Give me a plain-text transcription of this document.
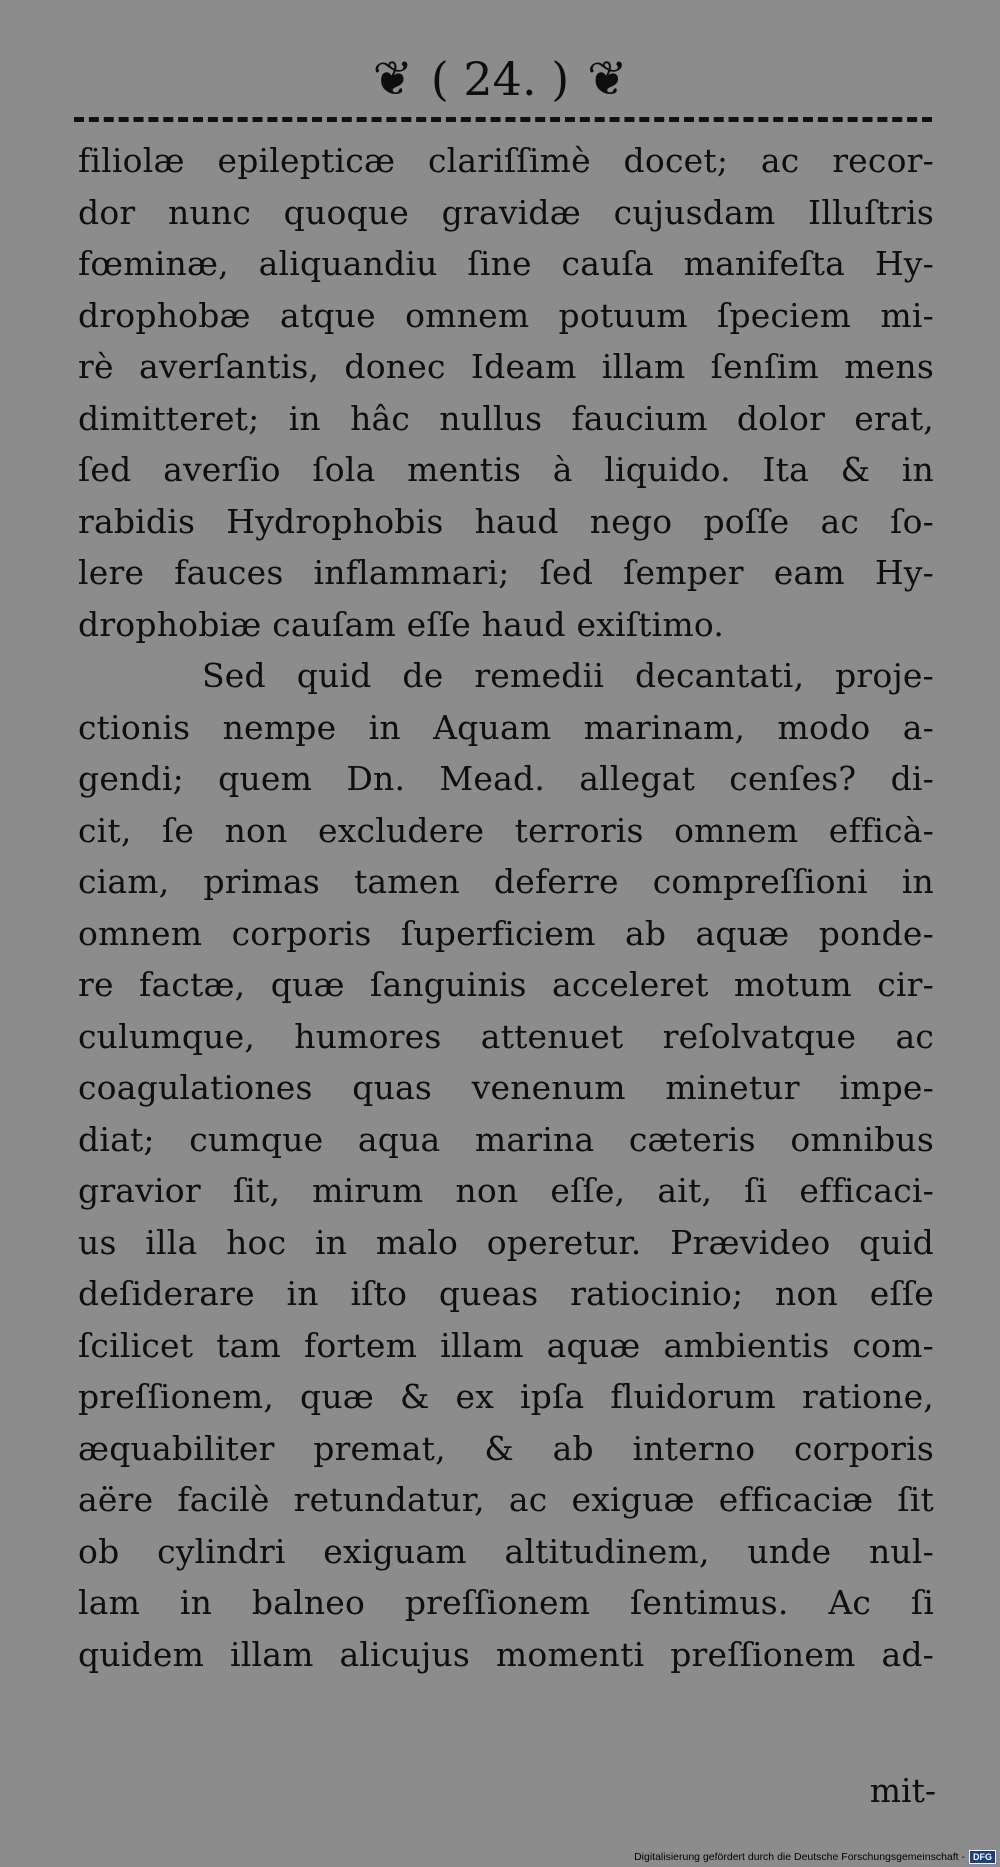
❦ ( 24. ) ❦
filiolæ epilepticæ clariſſimè docet; ac recor-
dor nunc quoque gravidæ cujusdam Illuſtris
fœminæ, aliquandiu ſine cauſa manifeſta Hy-
drophobæ atque omnem potuum ſpeciem mi-
rè averſantis, donec Ideam illam ſenſim mens
dimitteret; in hâc nullus faucium dolor erat,
ſed averſio ſola mentis à liquido. Ita & in
rabidis Hydrophobis haud nego poſſe ac ſo-
lere fauces inflammari; ſed ſemper eam Hy-
drophobiæ cauſam eſſe haud exiſtimo.
Sed quid de remedii decantati, proje-
ctionis nempe in Aquam marinam, modo a-
gendi; quem Dn. Mead. allegat cenſes? di-
cit, ſe non excludere terroris omnem efficà-
ciam, primas tamen deferre compreſſioni in
omnem corporis ſuperficiem ab aquæ ponde-
re factæ, quæ ſanguinis acceleret motum cir-
culumque, humores attenuet reſolvatque ac
coagulationes quas venenum minetur impe-
diat; cumque aqua marina cæteris omnibus
gravior ſit, mirum non eſſe, ait, ſi efficaci-
us illa hoc in malo operetur. Prævideo quid
deſiderare in iſto queas ratiocinio; non eſſe
ſcilicet tam fortem illam aquæ ambientis com-
preſſionem, quæ & ex ipſa fluidorum ratione,
æquabiliter premat, & ab interno corporis
aëre facilè retundatur, ac exiguæ efficaciæ ſit
ob cylindri exiguam altitudinem, unde nul-
lam in balneo preſſionem ſentimus. Ac ſi
quidem illam alicujus momenti preſſionem ad-
mit-
Digitalisierung gefördert durch die Deutsche Forschungsgemeinschaft - DFG
